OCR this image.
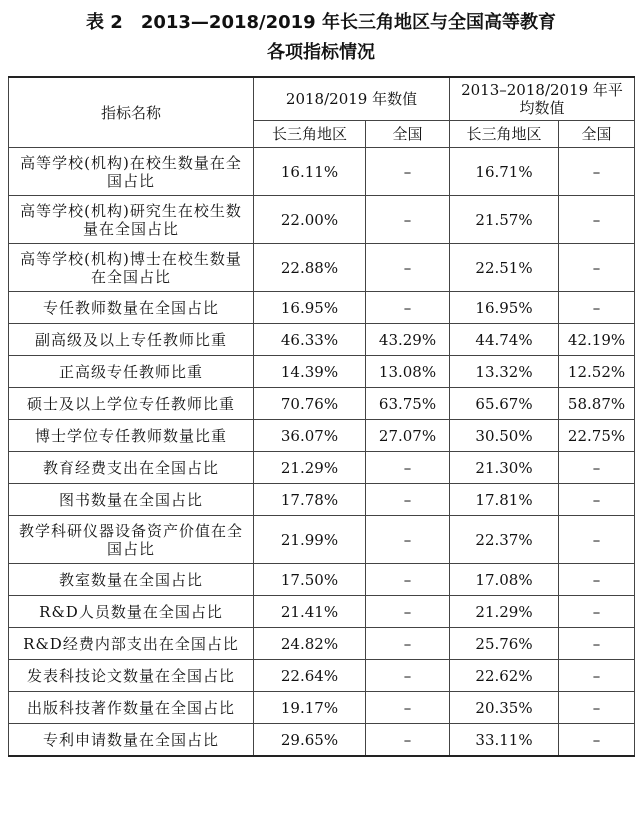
表 2　2013—2018/2019 年长三角地区与全国高等教育
各项指标情况
指标名称	2018/2019 年数值		2013–2018/2019 年平均数值	
	长三角地区	全国	长三角地区	全国
高等学校(机构)在校生数量在全国占比	16.11%	–	16.71%	–
高等学校(机构)研究生在校生数量在全国占比	22.00%	–	21.57%	–
高等学校(机构)博士在校生数量在全国占比	22.88%	–	22.51%	–
专任教师数量在全国占比	16.95%	–	16.95%	–
副高级及以上专任教师比重	46.33%	43.29%	44.74%	42.19%
正高级专任教师比重	14.39%	13.08%	13.32%	12.52%
硕士及以上学位专任教师比重	70.76%	63.75%	65.67%	58.87%
博士学位专任教师数量比重	36.07%	27.07%	30.50%	22.75%
教育经费支出在全国占比	21.29%	–	21.30%	–
图书数量在全国占比	17.78%	–	17.81%	–
教学科研仪器设备资产价值在全国占比	21.99%	–	22.37%	–
教室数量在全国占比	17.50%	–	17.08%	–
R&D人员数量在全国占比	21.41%	–	21.29%	–
R&D经费内部支出在全国占比	24.82%	–	25.76%	–
发表科技论文数量在全国占比	22.64%	–	22.62%	–
出版科技著作数量在全国占比	19.17%	–	20.35%	–
专利申请数量在全国占比	29.65%	–	33.11%	–
